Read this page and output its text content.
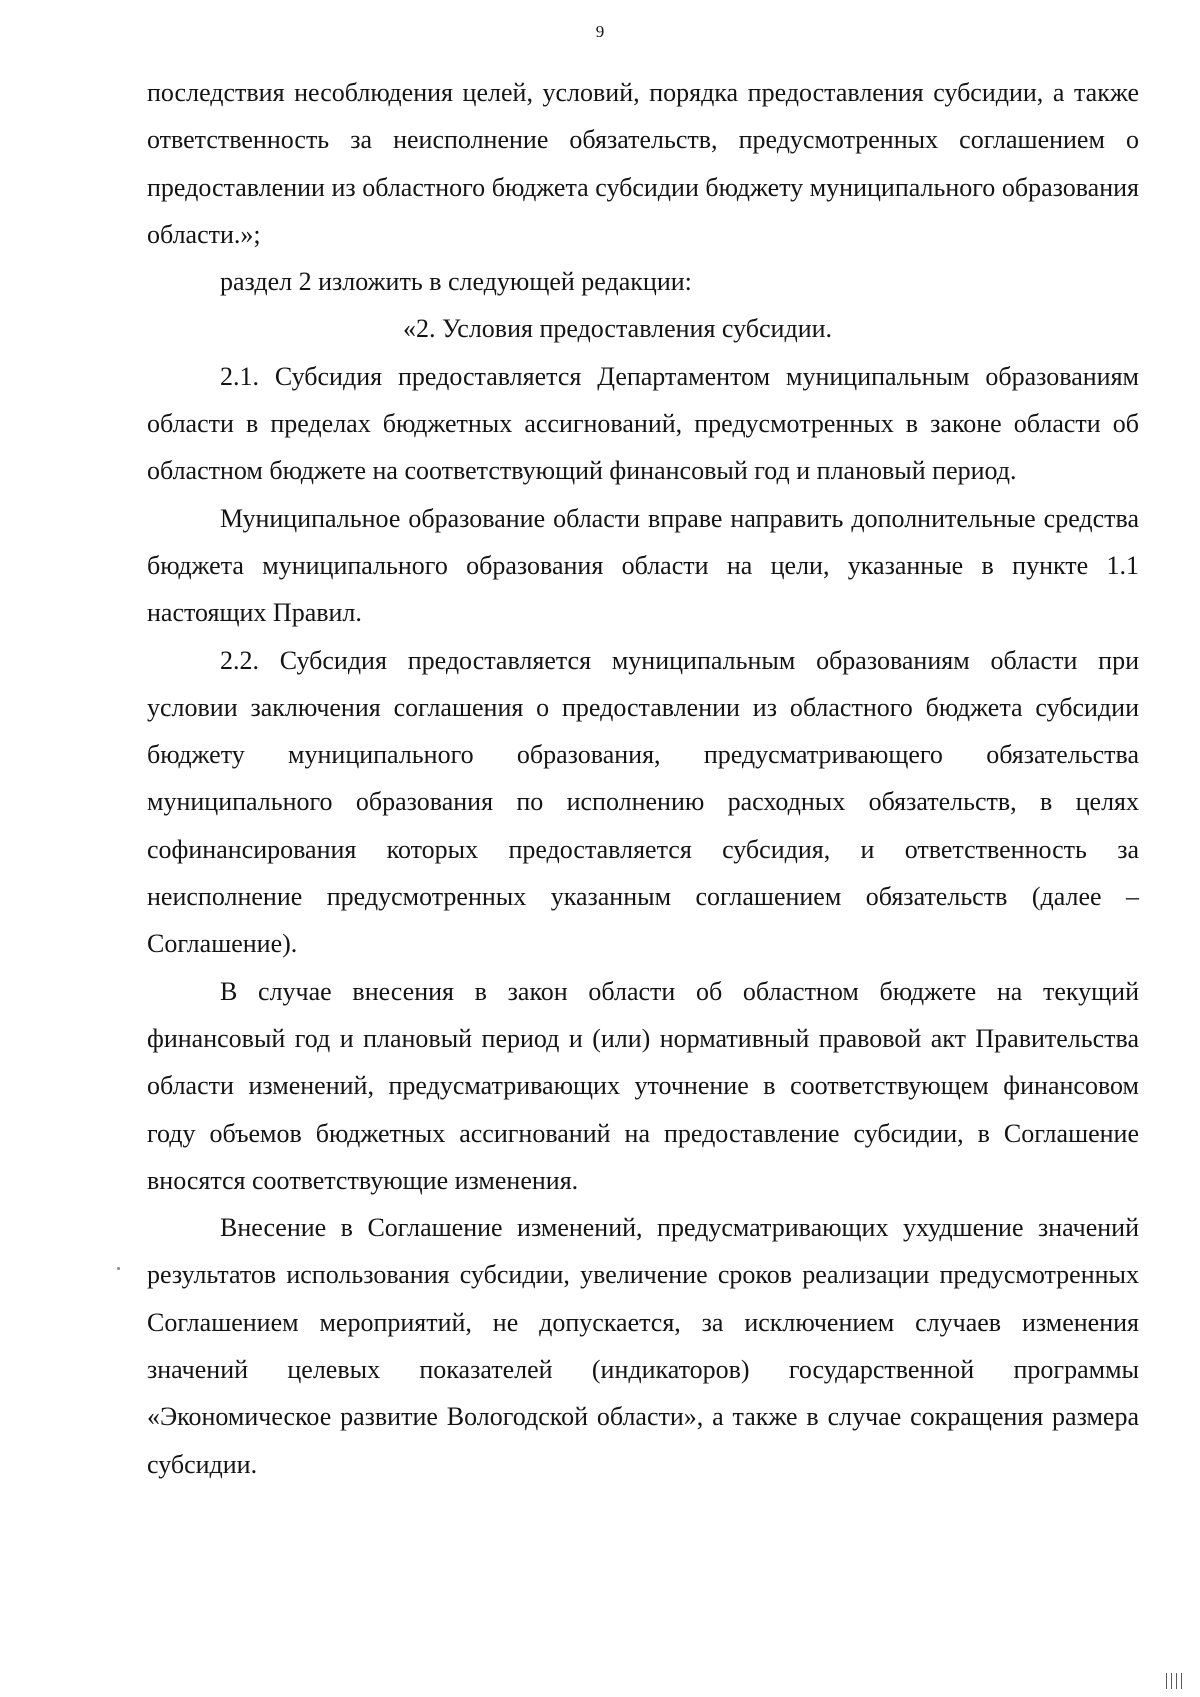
9

последствия несоблюдения целей, условий, порядка предоставления субсидии, а также ответственность за неисполнение обязательств, предусмотренных соглашением о предоставлении из областного бюджета субсидии бюджету муниципального образования области.»;

раздел 2 изложить в следующей редакции:

«2. Условия предоставления субсидии.

2.1. Субсидия предоставляется Департаментом муниципальным образованиям области в пределах бюджетных ассигнований, предусмотренных в законе области об областном бюджете на соответствующий финансовый год и плановый период.

Муниципальное образование области вправе направить дополнительные средства бюджета муниципального образования области на цели, указанные в пункте 1.1 настоящих Правил.

2.2. Субсидия предоставляется муниципальным образованиям области при условии заключения соглашения о предоставлении из областного бюджета субсидии бюджету муниципального образования, предусматривающего обязательства муниципального образования по исполнению расходных обязательств, в целях софинансирования которых предоставляется субсидия, и ответственность за неисполнение предусмотренных указанным соглашением обязательств (далее – Соглашение).

В случае внесения в закон области об областном бюджете на текущий финансовый год и плановый период и (или) нормативный правовой акт Правительства области изменений, предусматривающих уточнение в соответствующем финансовом году объемов бюджетных ассигнований на предоставление субсидии, в Соглашение вносятся соответствующие изменения.

Внесение в Соглашение изменений, предусматривающих ухудшение значений результатов использования субсидии, увеличение сроков реализации предусмотренных Соглашением мероприятий, не допускается, за исключением случаев изменения значений целевых показателей (индикаторов) государственной программы «Экономическое развитие Вологодской области», а также в случае сокращения размера субсидии.
